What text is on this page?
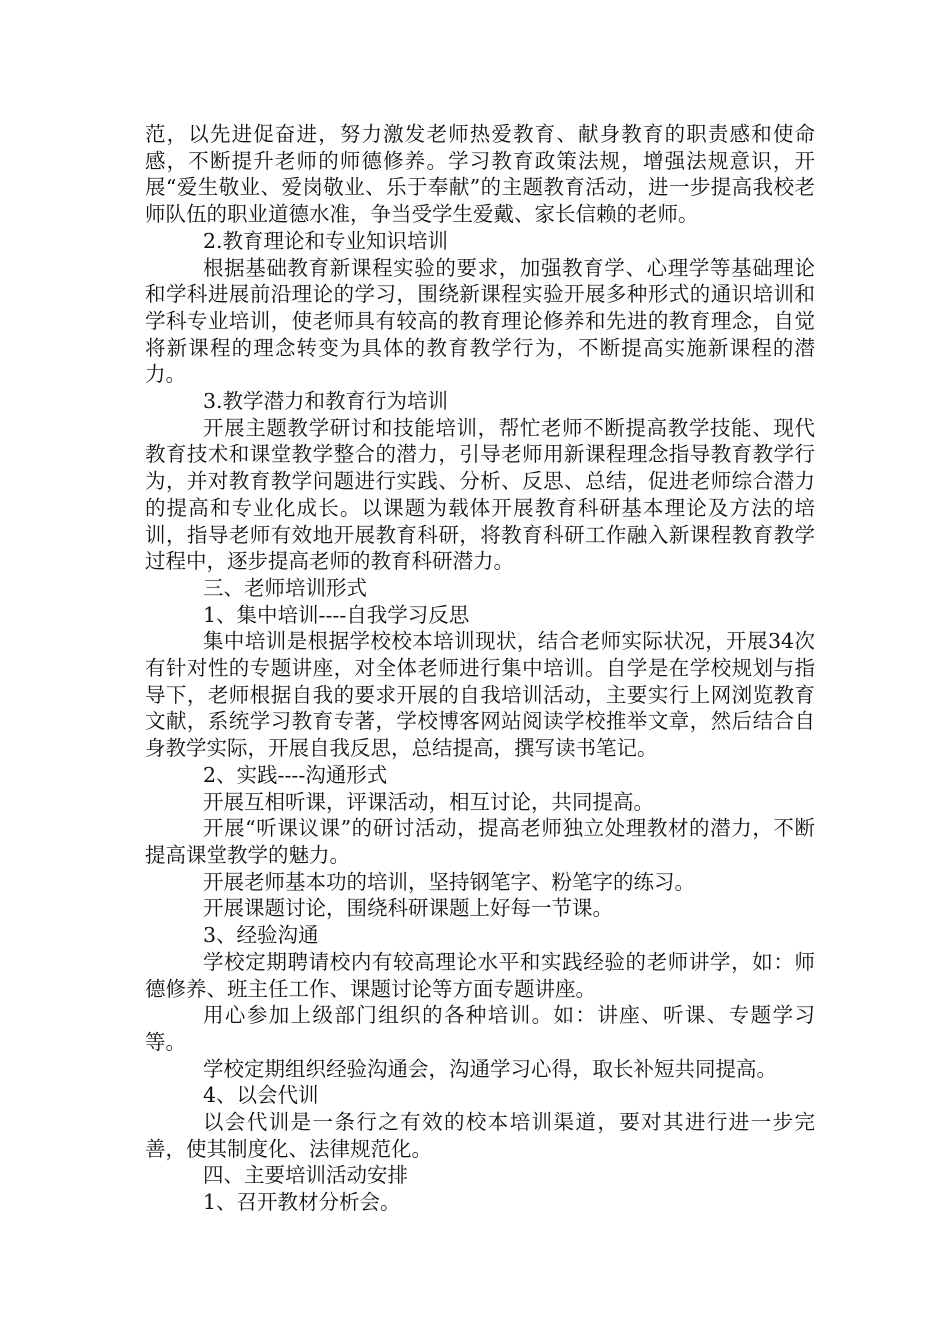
范，以先进促奋进，努力激发老师热爱教育、献身教育的职责感和使命感，不断提升老师的师德修养。学习教育政策法规，增强法规意识，开展“爱生敬业、爱岗敬业、乐于奉献”的主题教育活动，进一步提高我校老师队伍的职业道德水准，争当受学生爱戴、家长信赖的老师。

2.教育理论和专业知识培训

根据基础教育新课程实验的要求，加强教育学、心理学等基础理论和学科进展前沿理论的学习，围绕新课程实验开展多种形式的通识培训和学科专业培训，使老师具有较高的教育理论修养和先进的教育理念，自觉将新课程的理念转变为具体的教育教学行为，不断提高实施新课程的潜力。

3.教学潜力和教育行为培训

开展主题教学研讨和技能培训，帮忙老师不断提高教学技能、现代教育技术和课堂教学整合的潜力，引导老师用新课程理念指导教育教学行为，并对教育教学问题进行实践、分析、反思、总结，促进老师综合潜力的提高和专业化成长。以课题为载体开展教育科研基本理论及方法的培训，指导老师有效地开展教育科研，将教育科研工作融入新课程教育教学过程中，逐步提高老师的教育科研潜力。

三、老师培训形式

1、集中培训----自我学习反思

集中培训是根据学校校本培训现状，结合老师实际状况，开展34次有针对性的专题讲座，对全体老师进行集中培训。自学是在学校规划与指导下，老师根据自我的要求开展的自我培训活动，主要实行上网浏览教育文献，系统学习教育专著，学校博客网站阅读学校推举文章，然后结合自身教学实际，开展自我反思，总结提高，撰写读书笔记。

2、实践----沟通形式

开展互相听课，评课活动，相互讨论，共同提高。

开展“听课议课”的研讨活动，提高老师独立处理教材的潜力，不断提高课堂教学的魅力。

开展老师基本功的培训，坚持钢笔字、粉笔字的练习。

开展课题讨论，围绕科研课题上好每一节课。

3、经验沟通

学校定期聘请校内有较高理论水平和实践经验的老师讲学，如：师德修养、班主任工作、课题讨论等方面专题讲座。

用心参加上级部门组织的各种培训。如：讲座、听课、专题学习等。

学校定期组织经验沟通会，沟通学习心得，取长补短共同提高。

4、以会代训

以会代训是一条行之有效的校本培训渠道，要对其进行进一步完善，使其制度化、法律规范化。

四、主要培训活动安排

1、召开教材分析会。
